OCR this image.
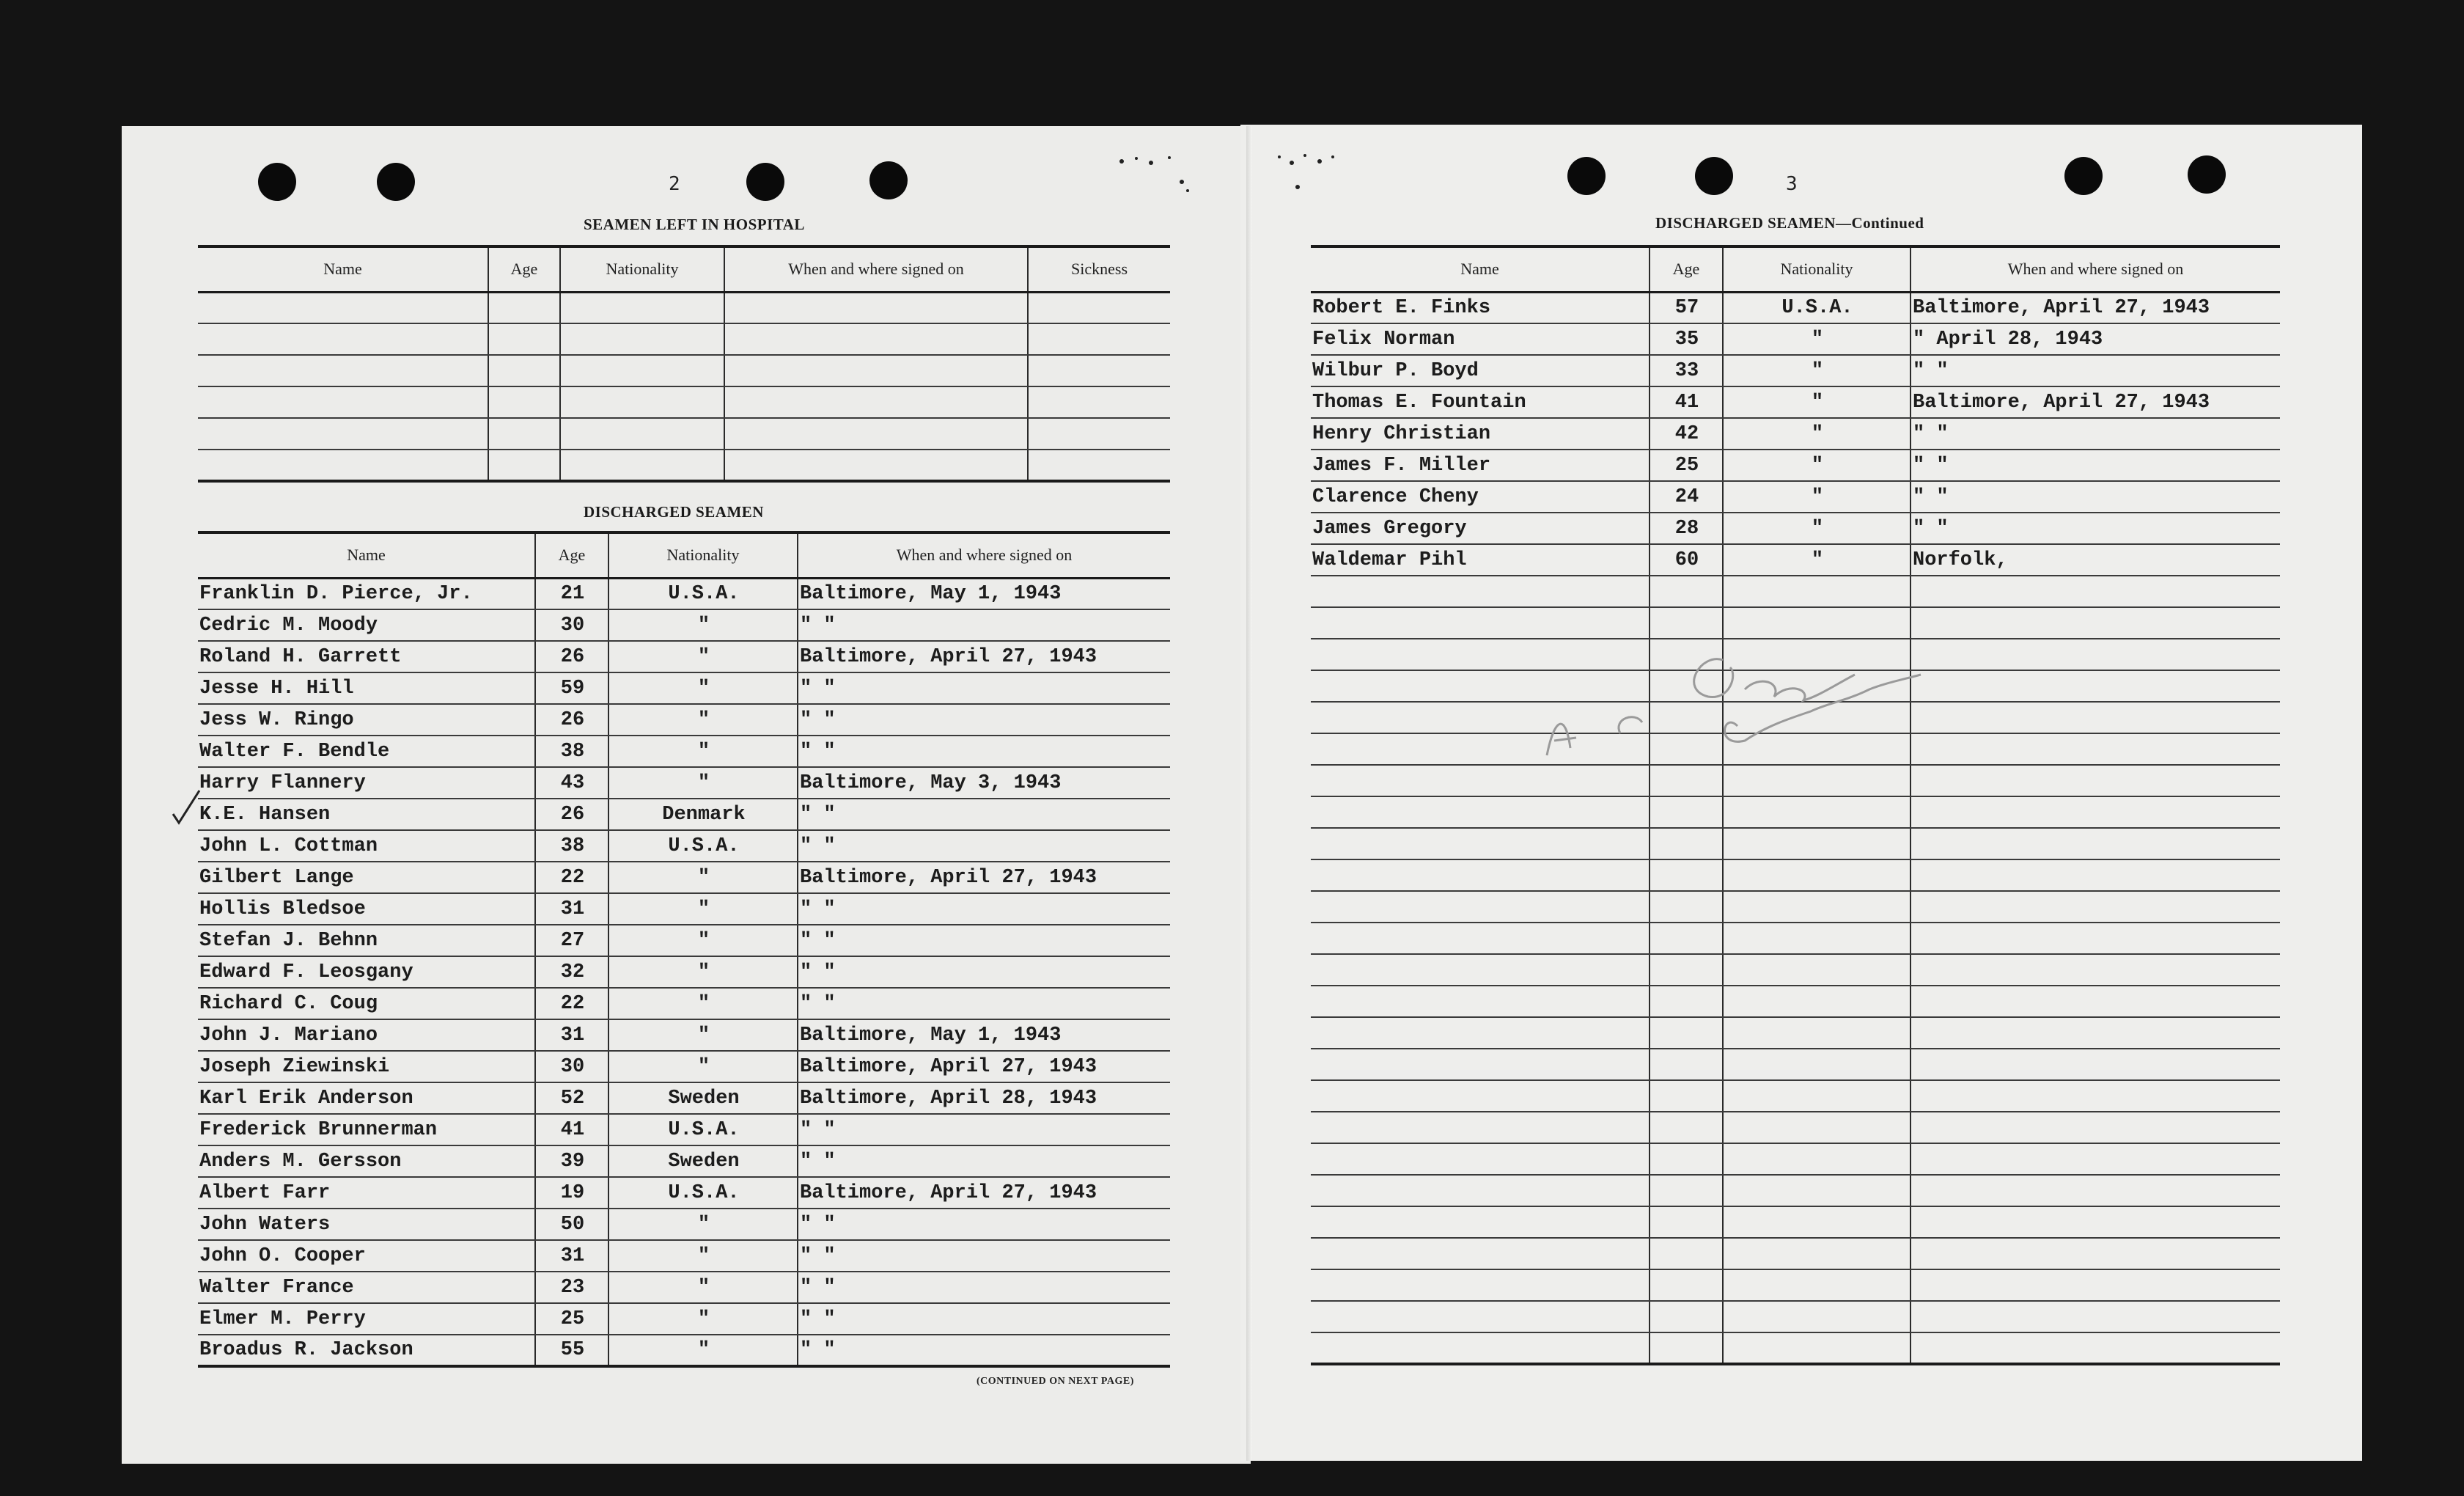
2
SEAMEN LEFT IN HOSPITAL
Name	Age	Nationality	When and where signed on	Sickness

DISCHARGED SEAMEN
Name	Age	Nationality	When and where signed on
Franklin D. Pierce, Jr.	21	U.S.A.	Baltimore, May 1, 1943
Cedric M. Moody	30	"	" "
Roland H. Garrett	26	"	Baltimore, April 27, 1943
Jesse H. Hill	59	"	" "
Jess W. Ringo	26	"	" "
Walter F. Bendle	38	"	" "
Harry Flannery	43	"	Baltimore, May 3, 1943
K.E. Hansen	26	Denmark	" "
John L. Cottman	38	U.S.A.	" "
Gilbert Lange	22	"	Baltimore, April 27, 1943
Hollis Bledsoe	31	"	" "
Stefan J. Behnn	27	"	" "
Edward F. Leosgany	32	"	" "
Richard C. Coug	22	"	" "
John J. Mariano	31	"	Baltimore, May 1, 1943
Joseph Ziewinski	30	"	Baltimore, April 27, 1943
Karl Erik Anderson	52	Sweden	Baltimore, April 28, 1943
Frederick Brunnerman	41	U.S.A.	" "
Anders M. Gersson	39	Sweden	" "
Albert Farr	19	U.S.A.	Baltimore, April 27, 1943
John Waters	50	"	" "
John O. Cooper	31	"	" "
Walter France	23	"	" "
Elmer M. Perry	25	"	" "
Broadus R. Jackson	55	"	" "
(CONTINUED ON NEXT PAGE)
3
DISCHARGED SEAMEN—Continued
Name	Age	Nationality	When and where signed on
Robert E. Finks	57	U.S.A.	Baltimore, April 27, 1943
Felix Norman	35	"	" April 28, 1943
Wilbur P. Boyd	33	"	" "
Thomas E. Fountain	41	"	Baltimore, April 27, 1943
Henry Christian	42	"	" "
James F. Miller	25	"	" "
Clarence Cheny	24	"	" "
James Gregory	28	"	" "
Waldemar Pihl	60	"	Norfolk,
